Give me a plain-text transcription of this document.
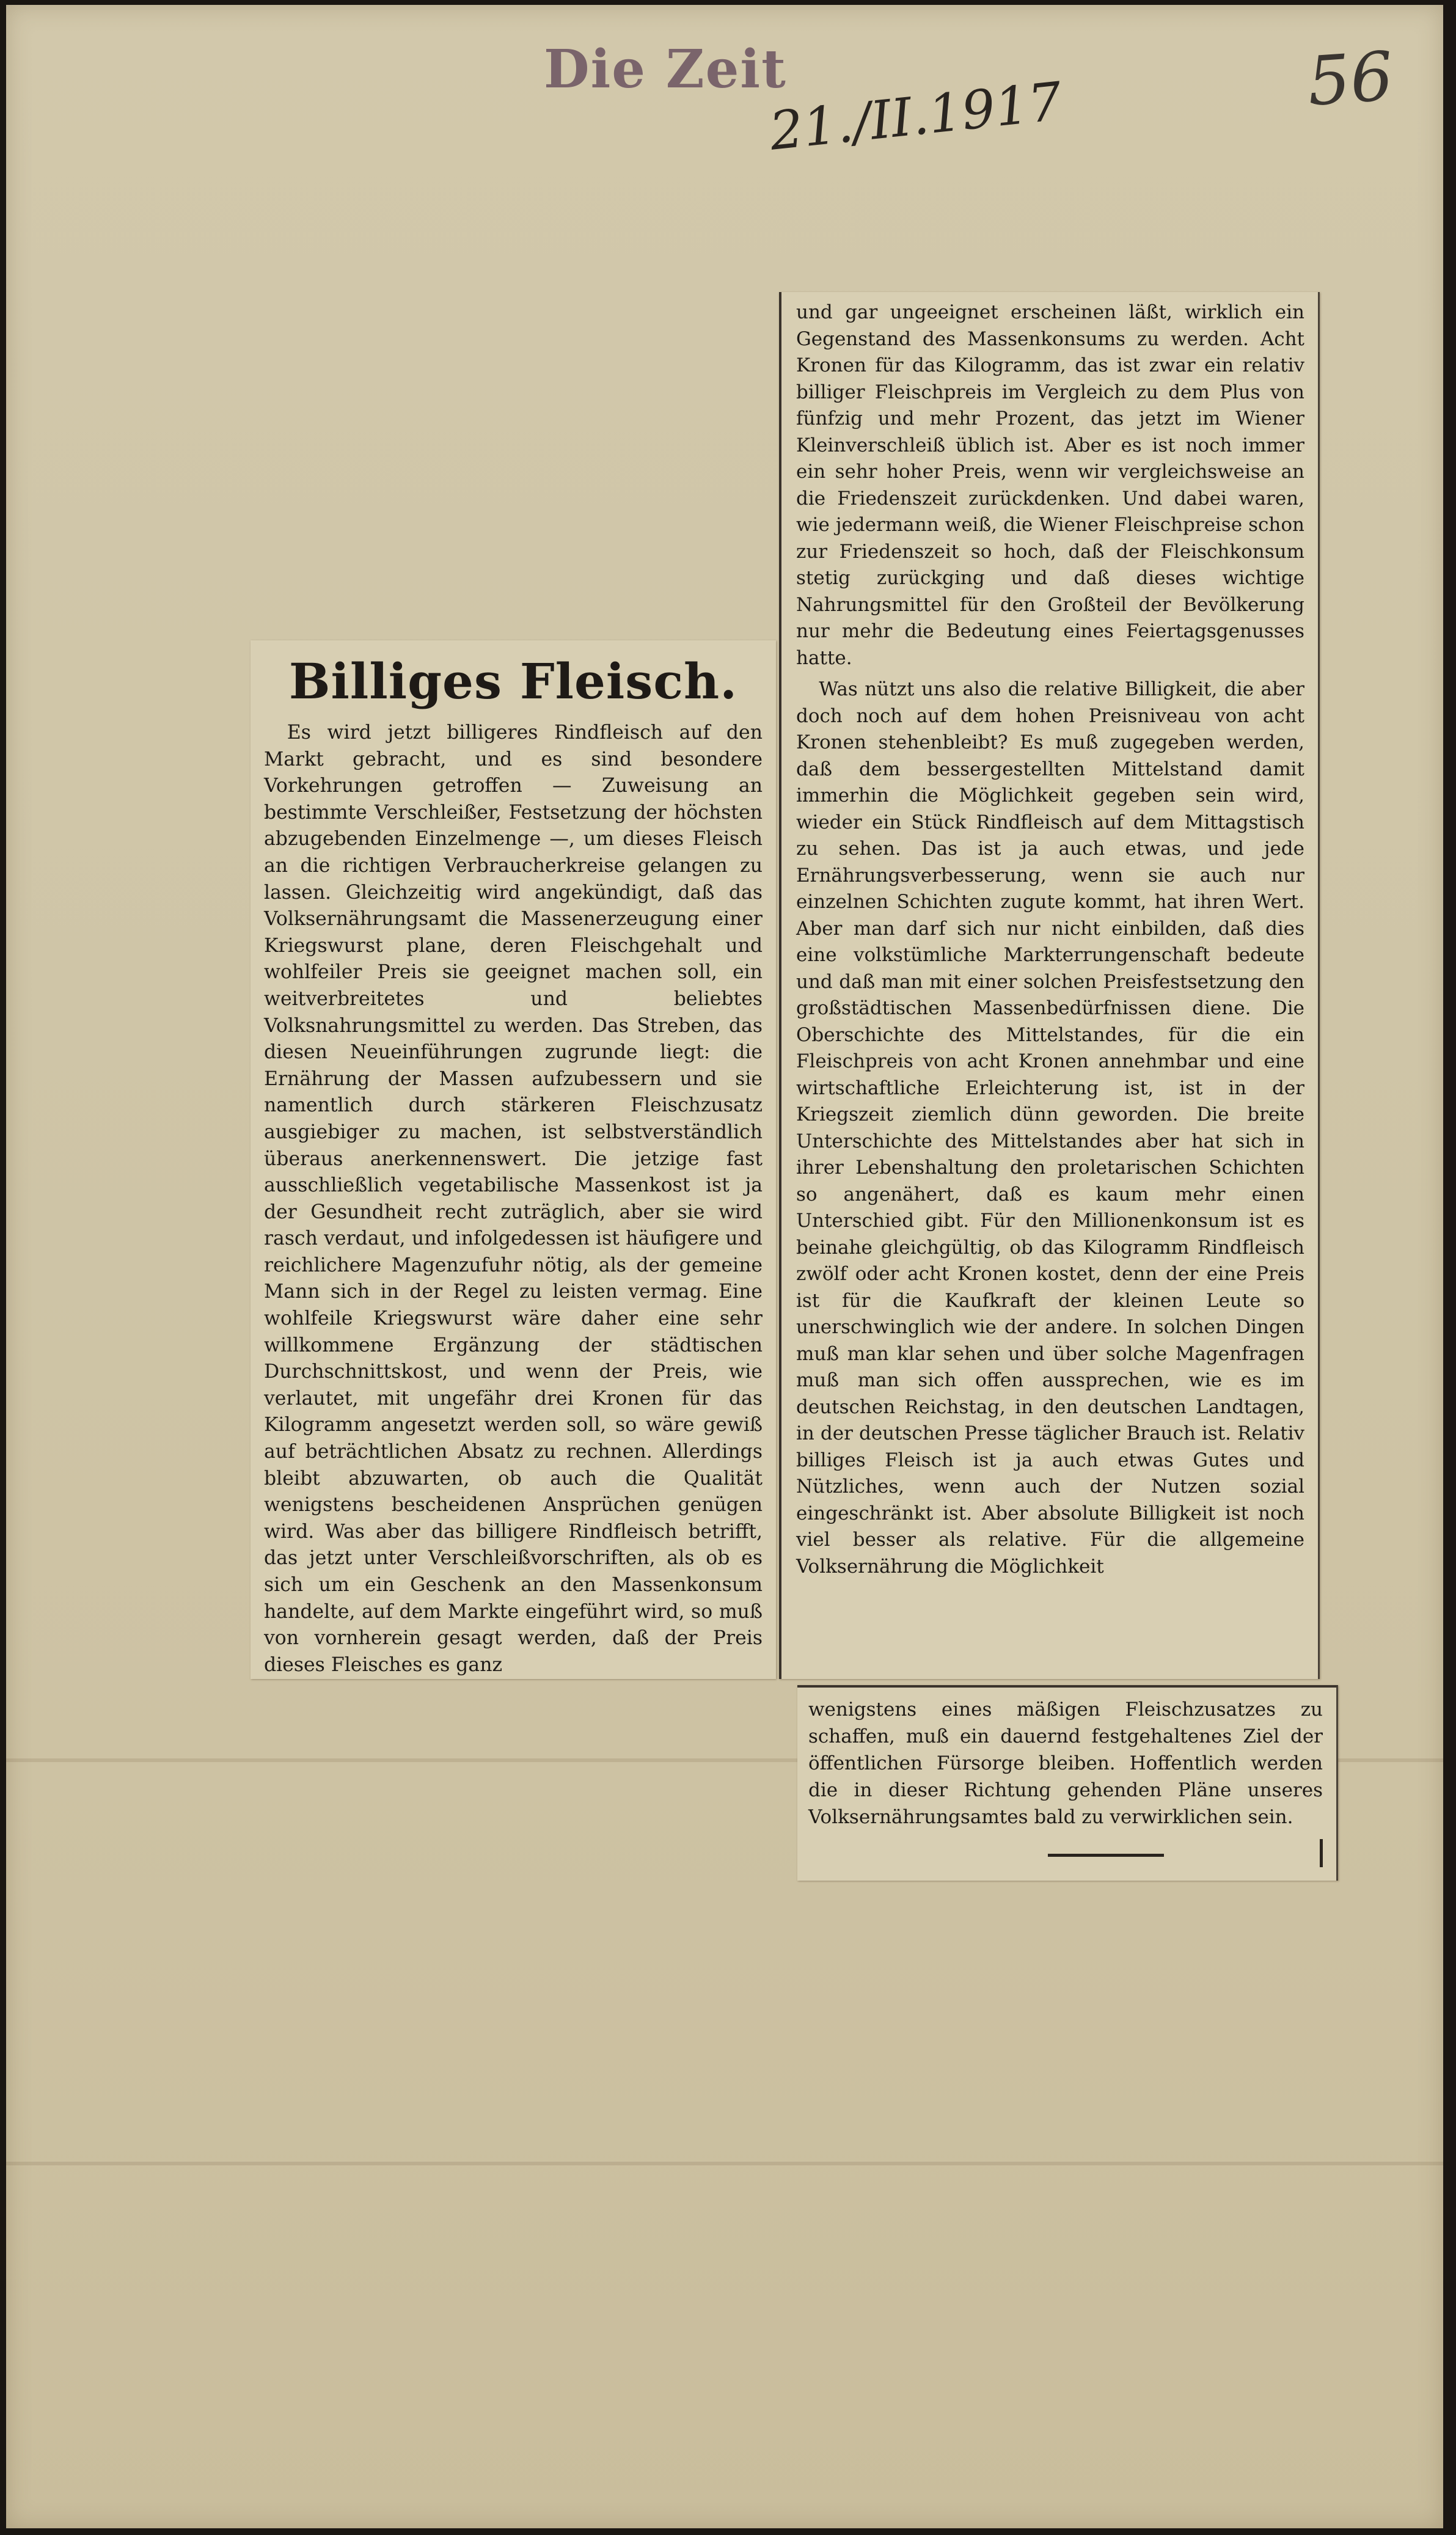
Die Zeit
21./II.1917	56
Billiges Fleisch.

Es wird jetzt billigeres Rindfleisch auf den Markt gebracht, und es sind besondere Vorkehrungen getroffen — Zuweisung an bestimmte Verschleißer, Festsetzung der höchsten abzugebenden Einzelmenge —, um dieses Fleisch an die richtigen Verbraucherkreise gelangen zu lassen. Gleichzeitig wird angekündigt, daß das Volksernährungsamt die Massenerzeugung einer Kriegswurst plane, deren Fleischgehalt und wohlfeiler Preis sie geeignet machen soll, ein weitverbreitetes und beliebtes Volksnahrungsmittel zu werden. Das Streben, das diesen Neueinführungen zugrunde liegt: die Ernährung der Massen aufzubessern und sie namentlich durch stärkeren Fleischzusatz ausgiebiger zu machen, ist selbstverständlich überaus anerkennenswert. Die jetzige fast ausschließlich vegetabilische Massenkost ist ja der Gesundheit recht zuträglich, aber sie wird rasch verdaut, und infolgedessen ist häufigere und reichlichere Magenzufuhr nötig, als der gemeine Mann sich in der Regel zu leisten vermag. Eine wohlfeile Kriegswurst wäre daher eine sehr willkommene Ergänzung der städtischen Durchschnittskost, und wenn der Preis, wie verlautet, mit ungefähr drei Kronen für das Kilogramm angesetzt werden soll, so wäre gewiß auf beträchtlichen Absatz zu rechnen. Allerdings bleibt abzuwarten, ob auch die Qualität wenigstens bescheidenen Ansprüchen genügen wird. Was aber das billigere Rindfleisch betrifft, das jetzt unter Verschleißvorschriften, als ob es sich um ein Geschenk an den Massenkonsum handelte, auf dem Markte eingeführt wird, so muß von vornherein gesagt werden, daß der Preis dieses Fleisches es ganz

und gar ungeeignet erscheinen läßt, wirklich ein Gegenstand des Massenkonsums zu werden. Acht Kronen für das Kilogramm, das ist zwar ein relativ billiger Fleischpreis im Vergleich zu dem Plus von fünfzig und mehr Prozent, das jetzt im Wiener Kleinverschleiß üblich ist. Aber es ist noch immer ein sehr hoher Preis, wenn wir vergleichsweise an die Friedenszeit zurückdenken. Und dabei waren, wie jedermann weiß, die Wiener Fleischpreise schon zur Friedenszeit so hoch, daß der Fleischkonsum stetig zurückging und daß dieses wichtige Nahrungsmittel für den Großteil der Bevölkerung nur mehr die Bedeutung eines Feiertagsgenusses hatte.

Was nützt uns also die relative Billigkeit, die aber doch noch auf dem hohen Preisniveau von acht Kronen stehenbleibt? Es muß zugegeben werden, daß dem bessergestellten Mittelstand damit immerhin die Möglichkeit gegeben sein wird, wieder ein Stück Rindfleisch auf dem Mittagstisch zu sehen. Das ist ja auch etwas, und jede Ernährungsverbesserung, wenn sie auch nur einzelnen Schichten zugute kommt, hat ihren Wert. Aber man darf sich nur nicht einbilden, daß dies eine volkstümliche Markterrungenschaft bedeute und daß man mit einer solchen Preisfestsetzung den großstädtischen Massenbedürfnissen diene. Die Oberschichte des Mittelstandes, für die ein Fleischpreis von acht Kronen annehmbar und eine wirtschaftliche Erleichterung ist, ist in der Kriegszeit ziemlich dünn geworden. Die breite Unterschichte des Mittelstandes aber hat sich in ihrer Lebenshaltung den proletarischen Schichten so angenähert, daß es kaum mehr einen Unterschied gibt. Für den Millionenkonsum ist es beinahe gleichgültig, ob das Kilogramm Rindfleisch zwölf oder acht Kronen kostet, denn der eine Preis ist für die Kaufkraft der kleinen Leute so unerschwinglich wie der andere. In solchen Dingen muß man klar sehen und über solche Magenfragen muß man sich offen aussprechen, wie es im deutschen Reichstag, in den deutschen Landtagen, in der deutschen Presse täglicher Brauch ist. Relativ billiges Fleisch ist ja auch etwas Gutes und Nützliches, wenn auch der Nutzen sozial eingeschränkt ist. Aber absolute Billigkeit ist noch viel besser als relative. Für die allgemeine Volksernährung die Möglichkeit

wenigstens eines mäßigen Fleischzusatzes zu schaffen, muß ein dauernd festgehaltenes Ziel der öffentlichen Fürsorge bleiben. Hoffentlich werden die in dieser Richtung gehenden Pläne unseres Volksernährungsamtes bald zu verwirklichen sein.
